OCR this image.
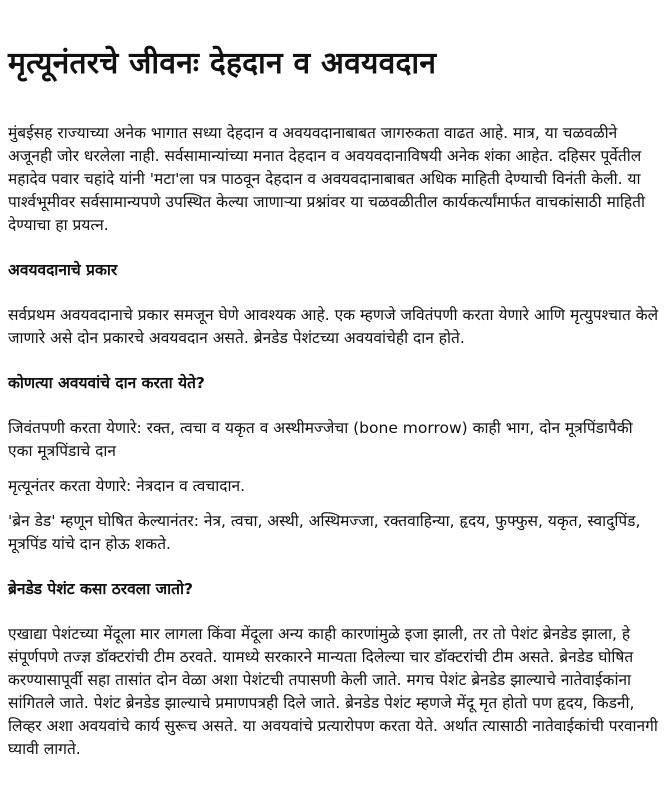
मृत्यूनंतरचे जीवनः देहदान व अवयवदान

मुंबईसह राज्याच्या अनेक भागात सध्या देहदान व अवयवदानाबाबत जागरुकता वाढत आहे. मात्र, या चळवळीने अजूनही जोर धरलेला नाही. सर्वसामान्यांच्या मनात देहदान व अवयवदानाविषयी अनेक शंका आहेत. दहिसर पूर्वेतील महादेव पवार चहांदे यांनी 'मटा'ला पत्र पाठवून देहदान व अवयवदानाबाबत अधिक माहिती देण्याची विनंती केली. या पार्श्वभूमीवर सर्वसामान्यपणे उपस्थित केल्या जाणाऱ्या प्रश्नांवर या चळवळीतील कार्यकर्त्यांमार्फत वाचकांसाठी माहिती देण्याचा हा प्रयत्न.

अवयवदानाचे प्रकार

सर्वप्रथम अवयवदानाचे प्रकार समजून घेणे आवश्यक आहे. एक म्हणजे जवितंपणी करता येणारे आणि मृत्युपश्चात केले जाणारे असे दोन प्रकारचे अवयवदान असते. ब्रेनडेड पेशंटच्या अवयवांचेही दान होते.

कोणत्या अवयवांचे दान करता येते?

जिवंतपणी करता येणारे: रक्त, त्वचा व यकृत व अस्थीमज्जेचा (bone morrow) काही भाग, दोन मूत्रपिंडापैकी एका मूत्रपिंडाचे दान

मृत्यूनंतर करता येणारे: नेत्रदान व त्वचादान.

'ब्रेन डेड' म्हणून घोषित केल्यानंतर: नेत्र, त्वचा, अस्थी, अस्थिमज्जा, रक्तवाहिन्या, हृदय, फुफ्फुस, यकृत, स्वादुपिंड, मूत्रपिंड यांचे दान होऊ शकते.

ब्रेनडेड पेशंट कसा ठरवला जातो?

एखाद्या पेशंटच्या मेंदूला मार लागला किंवा मेंदूला अन्य काही कारणांमुळे इजा झाली, तर तो पेशंट ब्रेनडेड झाला, हे संपूर्णपणे तज्ज्ञ डॉक्टरांची टीम ठरवते. यामध्ये सरकारने मान्यता दिलेल्या चार डॉक्टरांची टीम असते. ब्रेनडेड घोषित करण्यासापूर्वी सहा तासांत दोन वेळा अशा पेशंटची तपासणी केली जाते. मगच पेशंट ब्रेनडेड झाल्याचे नातेवाईकांना सांगितले जाते. पेशंट ब्रेनडेड झाल्याचे प्रमाणपत्रही दिले जाते. ब्रेनडेड पेशंट म्हणजे मेंदू मृत होतो पण हृदय, किडनी, लिव्हर अशा अवयवांचे कार्य सुरूच असते. या अवयवांचे प्रत्यारोपण करता येते. अर्थात त्यासाठी नातेवाईकांची परवानगी घ्यावी लागते.
